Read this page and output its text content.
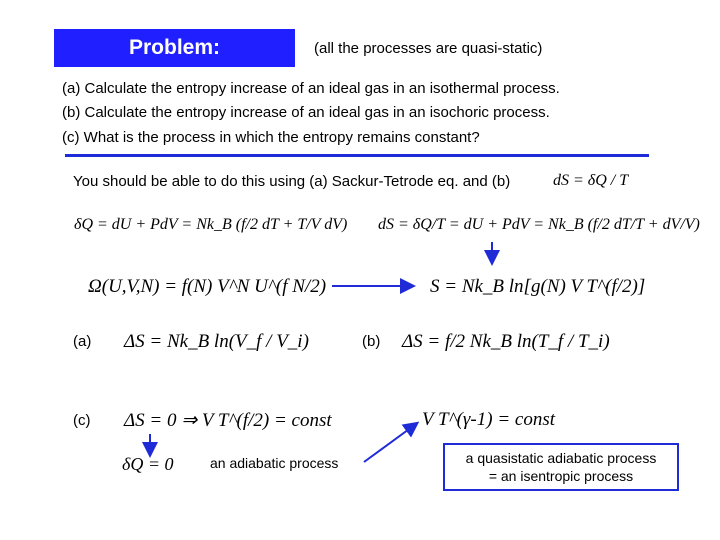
Problem:	(all the processes are quasi-static)
(a) Calculate the entropy increase of an ideal gas in an isothermal process.
(b) Calculate the entropy increase of an ideal gas in an isochoric process.
(c) What is the process in which the entropy remains constant?
You should be able to do this using (a) Sackur-Tetrode eq. and (b)	dS = δQ / T
δQ = dU + PdV = Nk_B (f/2 dT + T/V dV) dS = δQ/T = dU + PdV = Nk_B (f/2 dT/T + dV/V)
Ω(U,V,N) = f(N) V^N U^(f N/2)	S = Nk_B ln[g(N) V T^(f/2)]
(a) ΔS = Nk_B ln(V_f / V_i)	(b) ΔS = f/2 Nk_B ln(T_f / T_i)
(c) ΔS = 0 ⇒ V T^(f/2) = const	V T^(γ-1) = const
δQ = 0	an adiabatic process	a quasistatic adiabatic process
= an isentropic process
